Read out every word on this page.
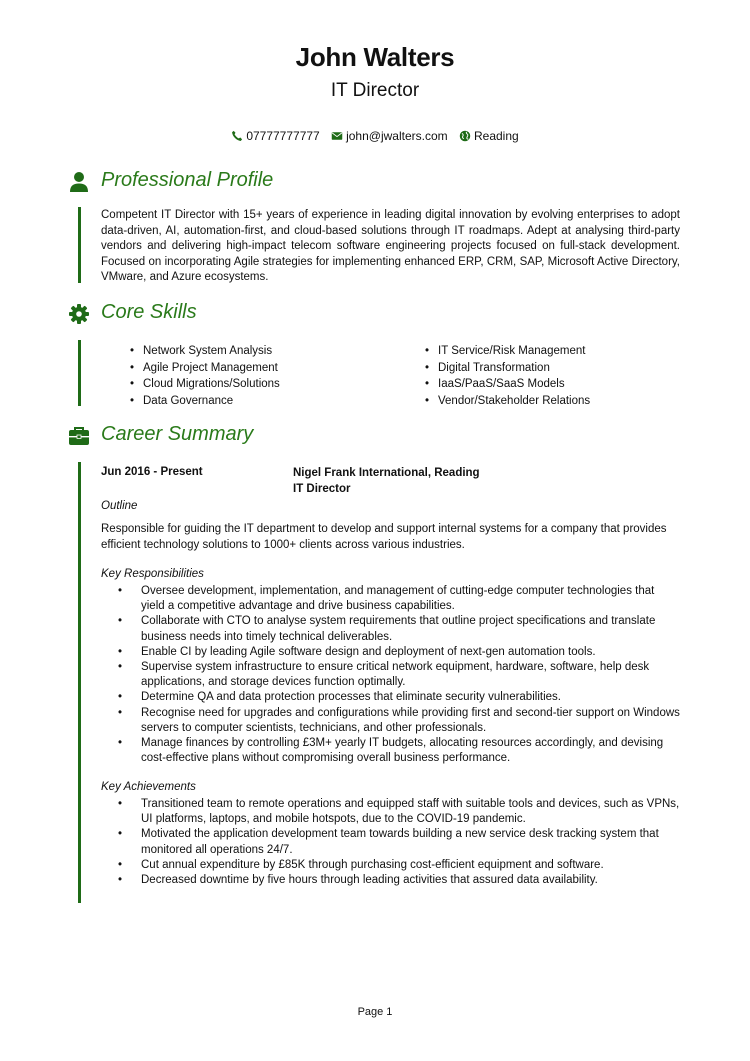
John Walters
IT Director
07777777777 john@jwalters.com Reading
Professional Profile
Competent IT Director with 15+ years of experience in leading digital innovation by evolving enterprises to adopt data-driven, AI, automation-first, and cloud-based solutions through IT roadmaps. Adept at analysing third-party vendors and delivering high-impact telecom software engineering projects focused on full-stack development. Focused on incorporating Agile strategies for implementing enhanced ERP, CRM, SAP, Microsoft Active Directory, VMware, and Azure ecosystems.
Core Skills
• Network System Analysis
• Agile Project Management
• Cloud Migrations/Solutions
• Data Governance
• IT Service/Risk Management
• Digital Transformation
• IaaS/PaaS/SaaS Models
• Vendor/Stakeholder Relations
Career Summary
Jun 2016 - Present	Nigel Frank International, Reading
IT Director
Outline
Responsible for guiding the IT department to develop and support internal systems for a company that provides efficient technology solutions to 1000+ clients across various industries.
Key Responsibilities
• Oversee development, implementation, and management of cutting-edge computer technologies that yield a competitive advantage and drive business capabilities.
• Collaborate with CTO to analyse system requirements that outline project specifications and translate business needs into timely technical deliverables.
• Enable CI by leading Agile software design and deployment of next-gen automation tools.
• Supervise system infrastructure to ensure critical network equipment, hardware, software, help desk applications, and storage devices function optimally.
• Determine QA and data protection processes that eliminate security vulnerabilities.
• Recognise need for upgrades and configurations while providing first and second-tier support on Windows servers to computer scientists, technicians, and other professionals.
• Manage finances by controlling £3M+ yearly IT budgets, allocating resources accordingly, and devising cost-effective plans without compromising overall business performance.
Key Achievements
• Transitioned team to remote operations and equipped staff with suitable tools and devices, such as VPNs, UI platforms, laptops, and mobile hotspots, due to the COVID-19 pandemic.
• Motivated the application development team towards building a new service desk tracking system that monitored all operations 24/7.
• Cut annual expenditure by £85K through purchasing cost-efficient equipment and software.
• Decreased downtime by five hours through leading activities that assured data availability.
Page 1
